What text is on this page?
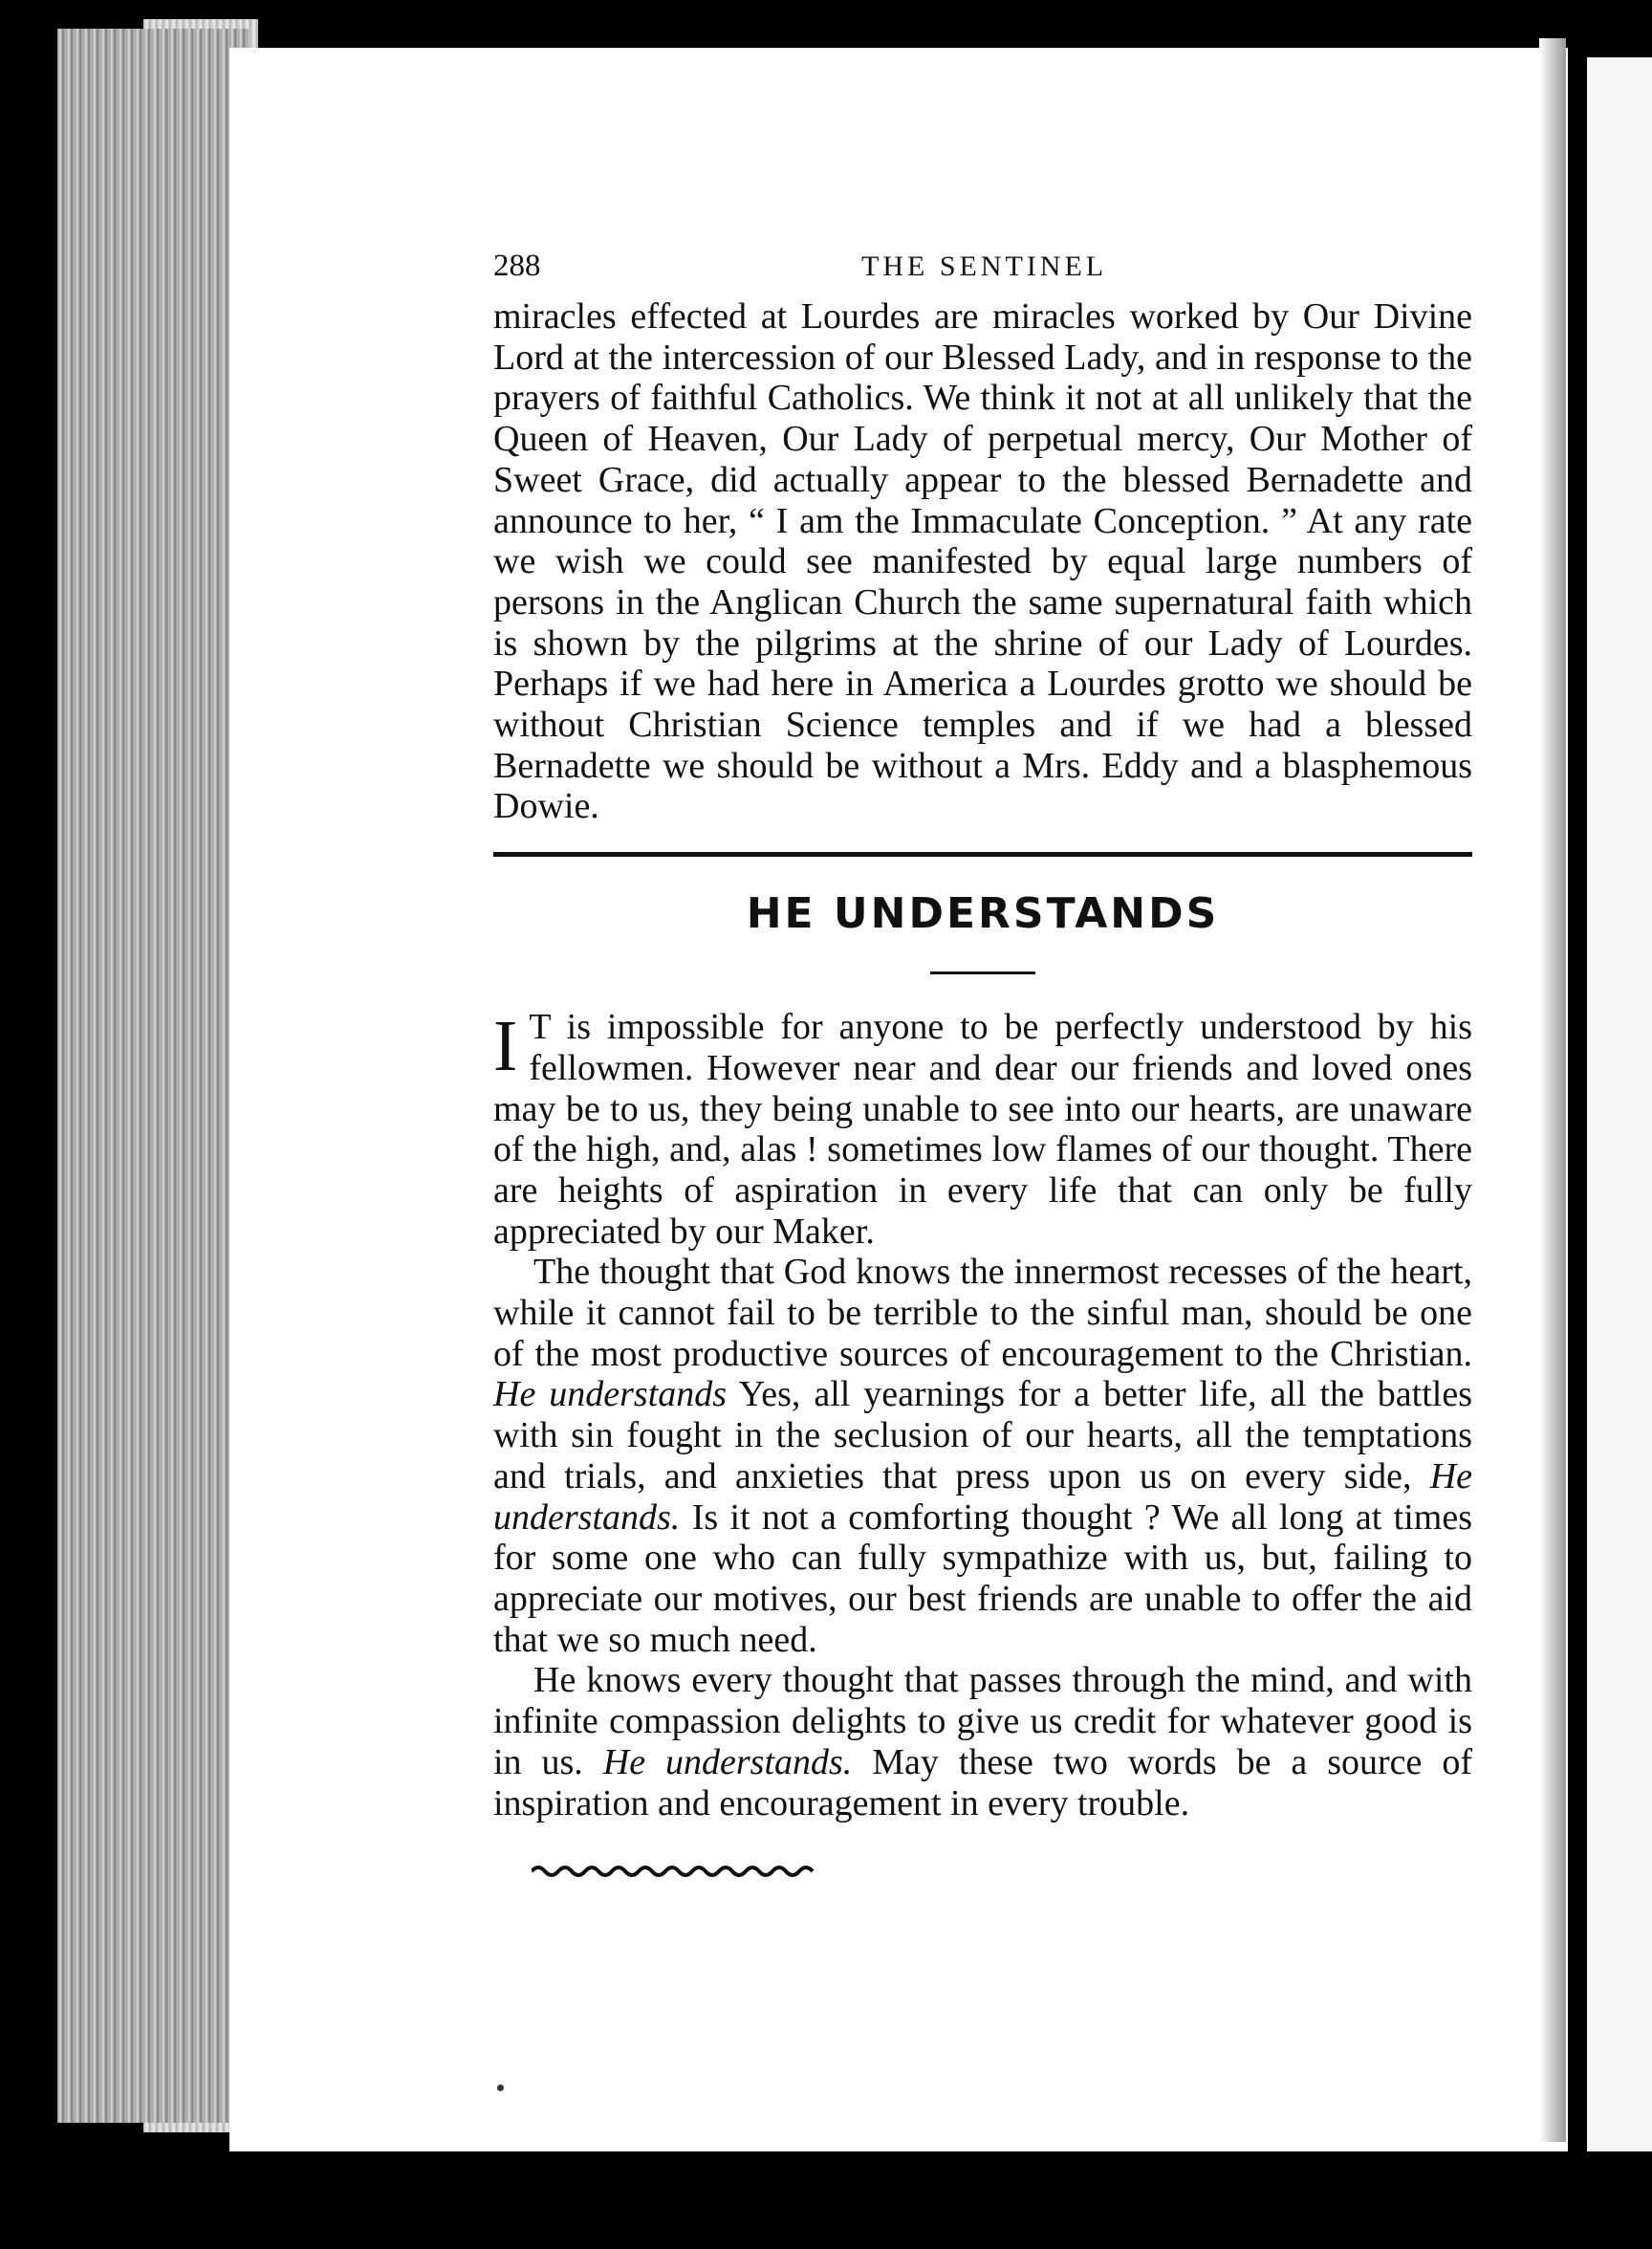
288	THE SENTINEL

miracles effected at Lourdes are miracles worked by Our Divine Lord at the intercession of our Blessed Lady, and in response to the prayers of faithful Catholics. We think it not at all unlikely that the Queen of Heaven, Our Lady of perpetual mercy, Our Mother of Sweet Grace, did actually appear to the blessed Bernadette and announce to her, “ I am the Immaculate Conception. ” At any rate we wish we could see manifested by equal large numbers of persons in the Anglican Church the same supernatural faith which is shown by the pilgrims at the shrine of our Lady of Lourdes. Perhaps if we had here in America a Lourdes grotto we should be without Christian Science temples and if we had a blessed Bernadette we should be without a Mrs. Eddy and a blasphemous Dowie.

HE UNDERSTANDS

I T is impossible for anyone to be perfectly understood by his fellowmen. However near and dear our friends and loved ones may be to us, they being unable to see into our hearts, are unaware of the high, and, alas ! sometimes low flames of our thought. There are heights of aspiration in every life that can only be fully appreciated by our Maker.

The thought that God knows the innermost recesses of the heart, while it cannot fail to be terrible to the sinful man, should be one of the most productive sources of encouragement to the Christian. He understands Yes, all yearnings for a better life, all the battles with sin fought in the seclusion of our hearts, all the temptations and trials, and anxieties that press upon us on every side, He understands. Is it not a comforting thought ? We all long at times for some one who can fully sympathize with us, but, failing to appreciate our motives, our best friends are unable to offer the aid that we so much need.

He knows every thought that passes through the mind, and with infinite compassion delights to give us credit for whatever good is in us. He understands. May these two words be a source of inspiration and encouragement in every trouble.
